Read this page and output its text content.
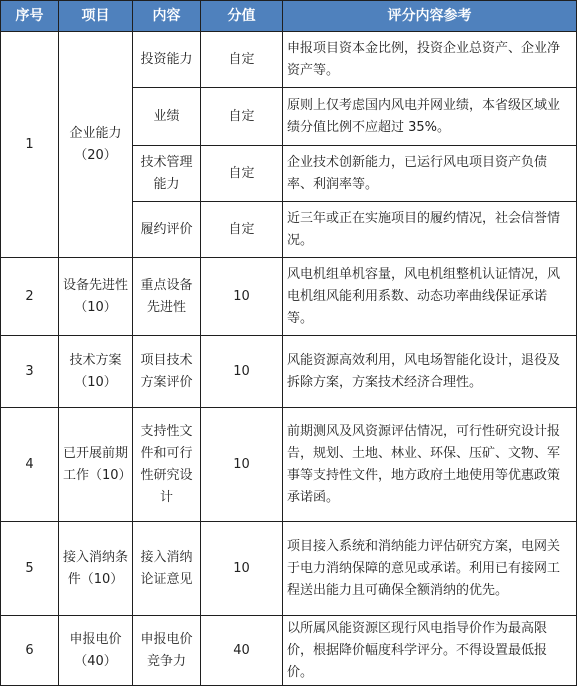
序号	项目	内容	分值	评分内容参考
1	企业能力（20）	投资能力	自定	申报项目资本金比例，投资企业总资产、企业净资产等。
		业绩	自定	原则上仅考虑国内风电并网业绩，本省级区域业绩分值比例不应超过 35%。
		技术管理能力	自定	企业技术创新能力，已运行风电项目资产负债率、利润率等。
		履约评价	自定	近三年或正在实施项目的履约情况，社会信誉情况。
2	设备先进性（10）	重点设备先进性	10	风电机组单机容量，风电机组整机认证情况，风电机组风能利用系数、动态功率曲线保证承诺等。
3	技术方案（10）	项目技术方案评价	10	风能资源高效利用，风电场智能化设计，退役及拆除方案，方案技术经济合理性。
4	已开展前期工作（10）	支持性文件和可行性研究设计	10	前期测风及风资源评估情况，可行性研究设计报告，规划、土地、林业、环保、压矿、文物、军事等支持性文件，地方政府土地使用等优惠政策承诺函。
5	接入消纳条件（10）	接入消纳论证意见	10	项目接入系统和消纳能力评估研究方案，电网关于电力消纳保障的意见或承诺。利用已有接网工程送出能力且可确保全额消纳的优先。
6	申报电价（40）	申报电价竞争力	40	以所属风能资源区现行风电指导价作为最高限价，根据降价幅度科学评分。不得设置最低报价。
